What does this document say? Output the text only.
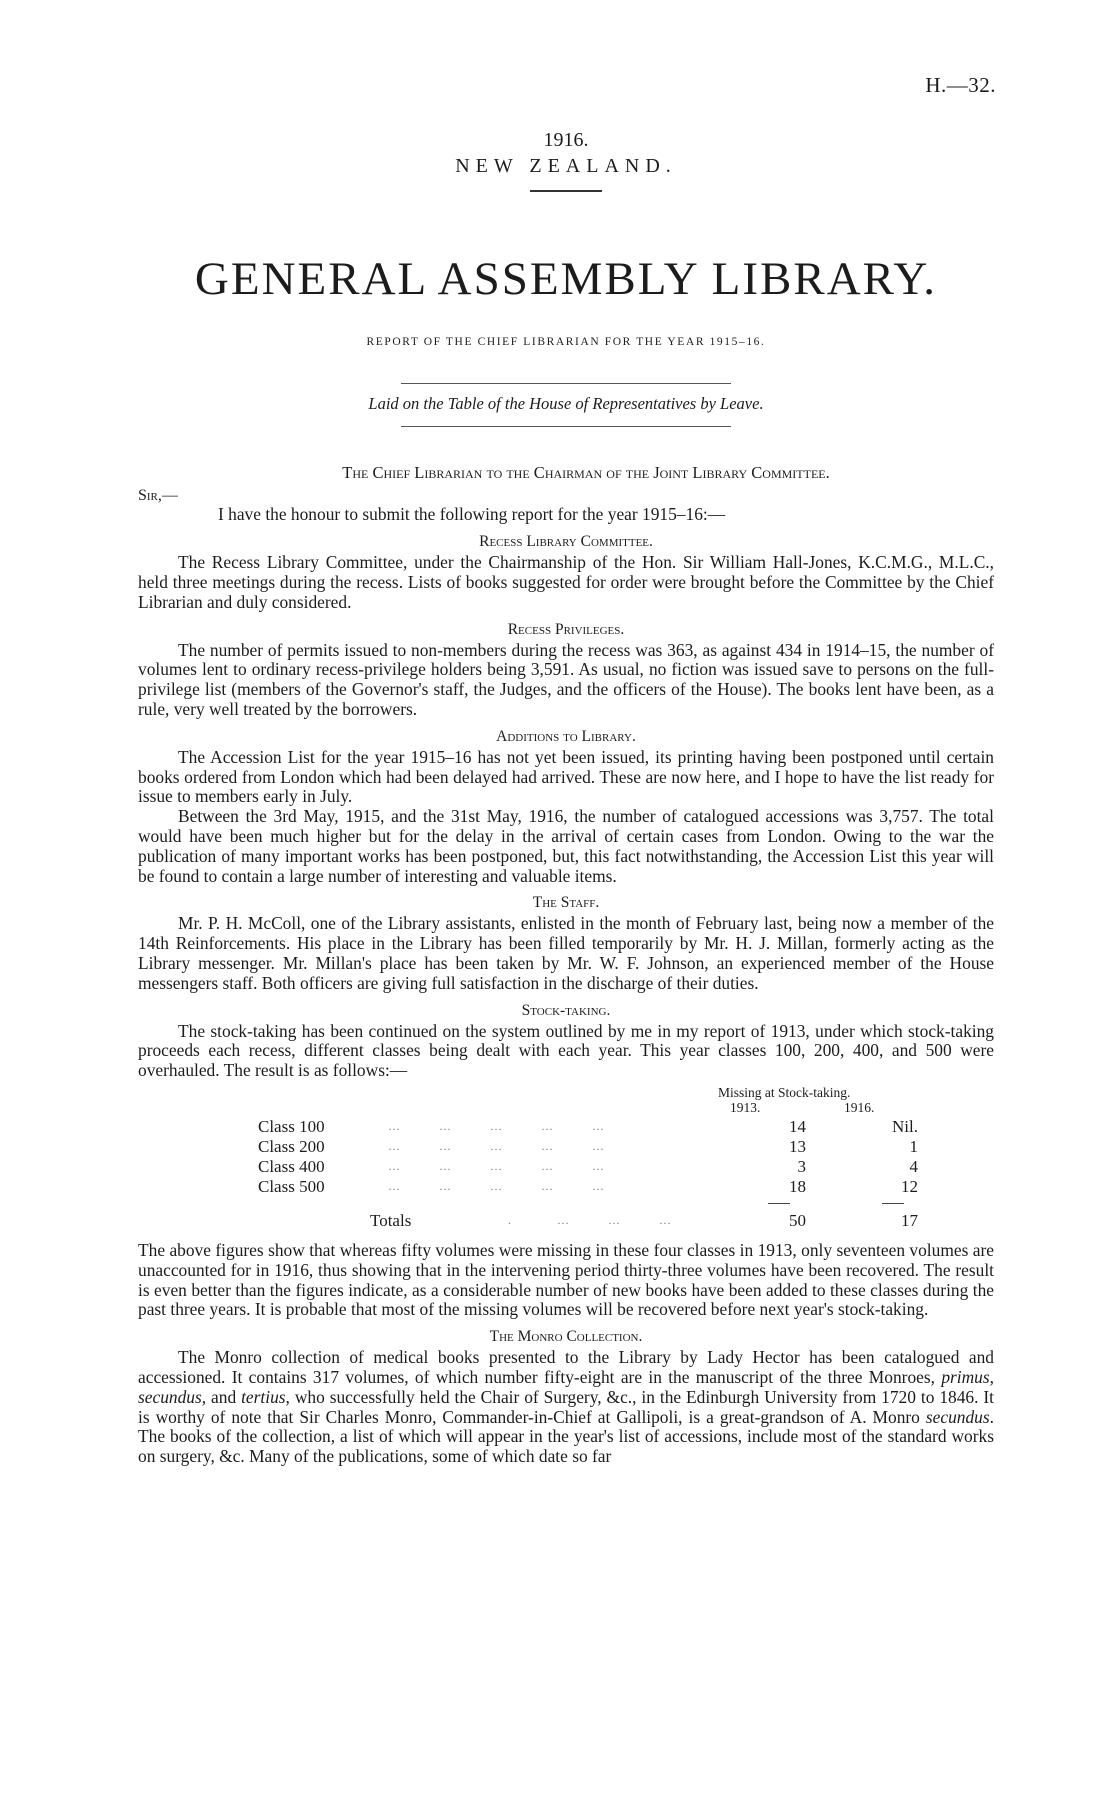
H.—32.
1916.
NEW ZEALAND.
GENERAL ASSEMBLY LIBRARY.
REPORT OF THE CHIEF LIBRARIAN FOR THE YEAR 1915–16.
Laid on the Table of the House of Representatives by Leave.
The Chief Librarian to the Chairman of the Joint Library Committee.
Sir,—
I have the honour to submit the following report for the year 1915–16:—
Recess Library Committee.

The Recess Library Committee, under the Chairmanship of the Hon. Sir William Hall-Jones, K.C.M.G., M.L.C., held three meetings during the recess. Lists of books suggested for order were brought before the Committee by the Chief Librarian and duly considered.

Recess Privileges.

The number of permits issued to non-members during the recess was 363, as against 434 in 1914–15, the number of volumes lent to ordinary recess-privilege holders being 3,591. As usual, no fiction was issued save to persons on the full-privilege list (members of the Governor's staff, the Judges, and the officers of the House). The books lent have been, as a rule, very well treated by the borrowers.

Additions to Library.

The Accession List for the year 1915–16 has not yet been issued, its printing having been postponed until certain books ordered from London which had been delayed had arrived. These are now here, and I hope to have the list ready for issue to members early in July.

Between the 3rd May, 1915, and the 31st May, 1916, the number of catalogued accessions was 3,757. The total would have been much higher but for the delay in the arrival of certain cases from London. Owing to the war the publication of many important works has been postponed, but, this fact notwithstanding, the Accession List this year will be found to contain a large number of interesting and valuable items.

The Staff.

Mr. P. H. McColl, one of the Library assistants, enlisted in the month of February last, being now a member of the 14th Reinforcements. His place in the Library has been filled temporarily by Mr. H. J. Millan, formerly acting as the Library messenger. Mr. Millan's place has been taken by Mr. W. F. Johnson, an experienced member of the House messengers staff. Both officers are giving full satisfaction in the discharge of their duties.

Stock-taking.

The stock-taking has been continued on the system outlined by me in my report of 1913, under which stock-taking proceeds each recess, different classes being dealt with each year. This year classes 100, 200, 400, and 500 were overhauled. The result is as follows:—

Missing at Stock-taking.
1913.	1916.
Class 100	…     …     …     …     …	14	Nil.
Class 200	…     …     …     …     …	13	1
Class 400	…     …     …     …     …	3	4
Class 500	…     …     …     …     …	18	12
Totals	.      …     …     …	50	17

The above figures show that whereas fifty volumes were missing in these four classes in 1913, only seventeen volumes are unaccounted for in 1916, thus showing that in the intervening period thirty-three volumes have been recovered. The result is even better than the figures indicate, as a considerable number of new books have been added to these classes during the past three years. It is probable that most of the missing volumes will be recovered before next year's stock-taking.

The Monro Collection.

The Monro collection of medical books presented to the Library by Lady Hector has been catalogued and accessioned. It contains 317 volumes, of which number fifty-eight are in the manuscript of the three Monroes, primus, secundus, and tertius, who successfully held the Chair of Surgery, &c., in the Edinburgh University from 1720 to 1846. It is worthy of note that Sir Charles Monro, Commander-in-Chief at Gallipoli, is a great-grandson of A. Monro secundus. The books of the collection, a list of which will appear in the year's list of accessions, include most of the standard works on surgery, &c. Many of the publications, some of which date so far
